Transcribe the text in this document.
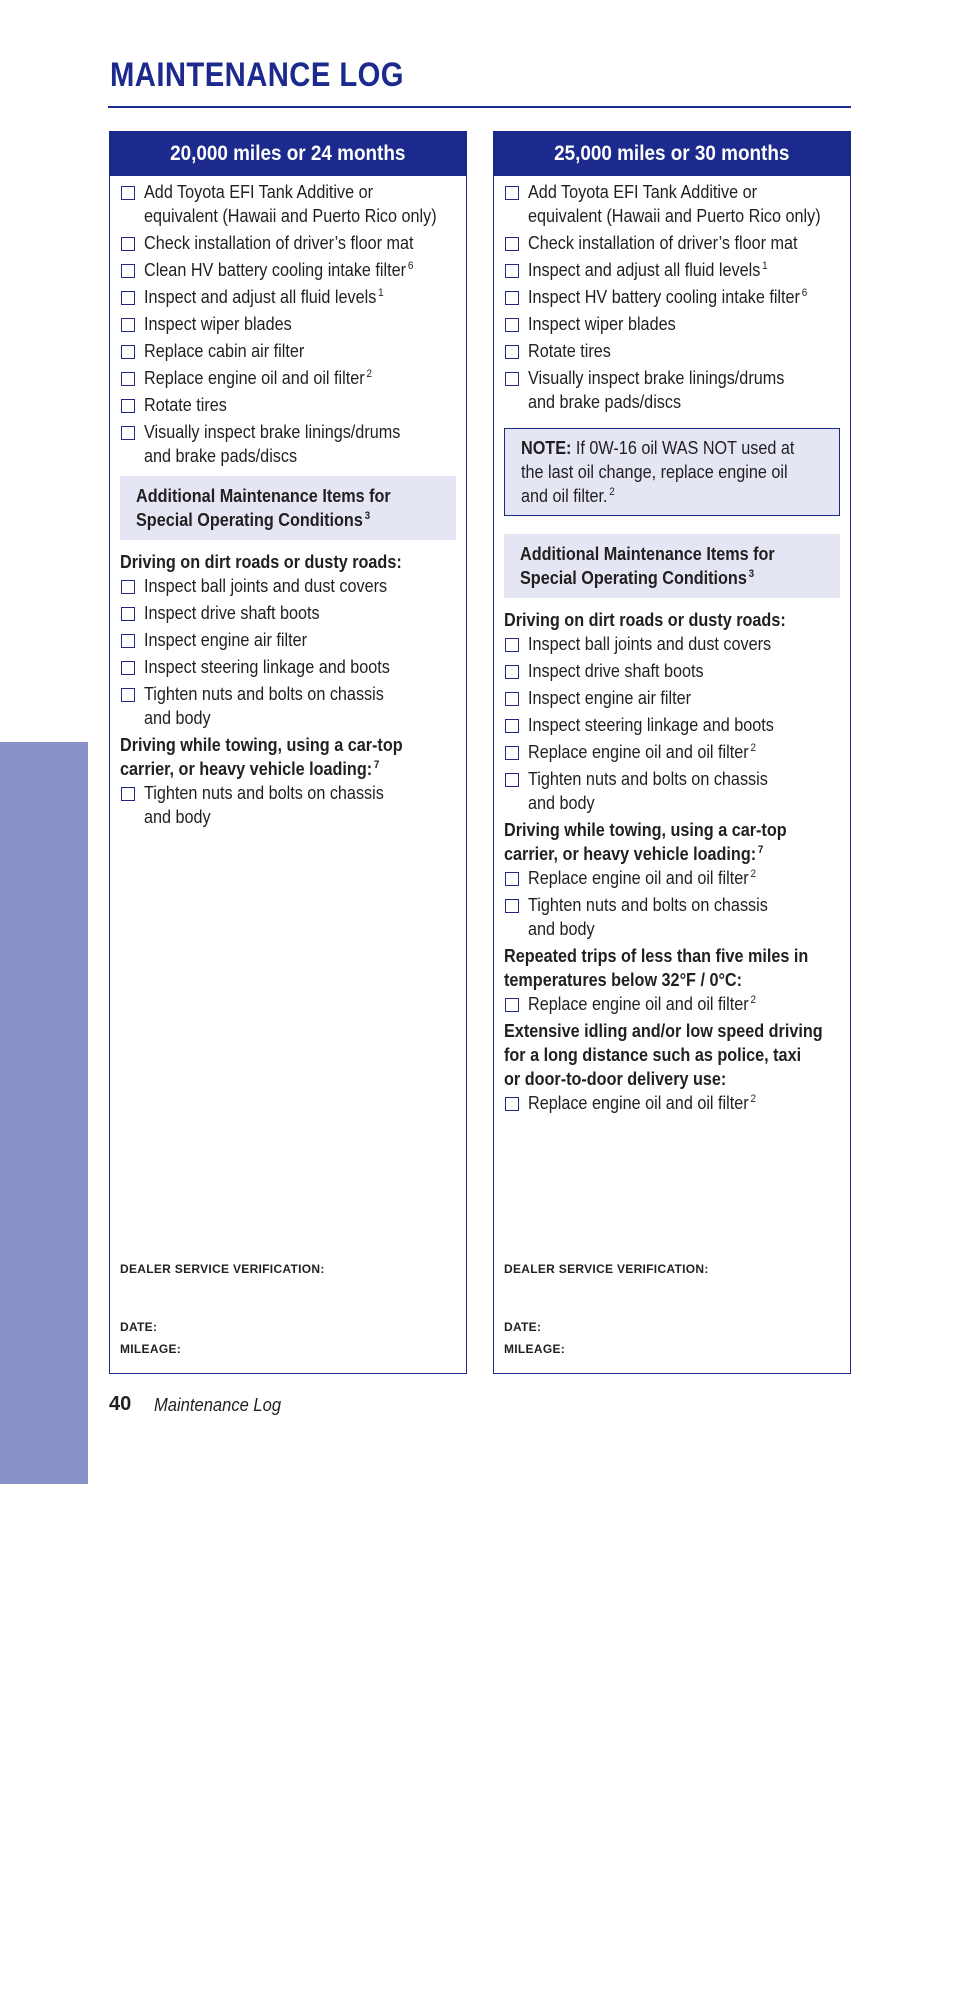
MAINTENANCE LOG
MAINTENANCE
20,000 miles or 24 months
Add Toyota EFI Tank Additive or
equivalent (Hawaii and Puerto Rico only)
Check installation of driver’s floor mat
Clean HV battery cooling intake filter $^6$
Inspect and adjust all fluid levels $^1$
Inspect wiper blades
Replace cabin air filter
Replace engine oil and oil filter $^2$
Rotate tires
Visually inspect brake linings/drums
and brake pads/discs
Additional Maintenance Items for
Special Operating Conditions $^3$
Driving on dirt roads or dusty roads:
Inspect ball joints and dust covers
Inspect drive shaft boots
Inspect engine air filter
Inspect steering linkage and boots
Tighten nuts and bolts on chassis
and body
Driving while towing, using a car-top
carrier, or heavy vehicle loading: $^7$
Tighten nuts and bolts on chassis
and body
DEALER SERVICE VERIFICATION:
DATE:
MILEAGE:
25,000 miles or 30 months
Add Toyota EFI Tank Additive or
equivalent (Hawaii and Puerto Rico only)
Check installation of driver’s floor mat
Inspect and adjust all fluid levels $^1$
Inspect HV battery cooling intake filter $^6$
Inspect wiper blades
Rotate tires
Visually inspect brake linings/drums
and brake pads/discs
NOTE: If 0W-16 oil WAS NOT used at
the last oil change, replace engine oil
and oil filter. $^2$
Additional Maintenance Items for
Special Operating Conditions $^3$
Driving on dirt roads or dusty roads:
Inspect ball joints and dust covers
Inspect drive shaft boots
Inspect engine air filter
Inspect steering linkage and boots
Replace engine oil and oil filter $^2$
Tighten nuts and bolts on chassis
and body
Driving while towing, using a car-top
carrier, or heavy vehicle loading: $^7$
Replace engine oil and oil filter $^2$
Tighten nuts and bolts on chassis
and body
Repeated trips of less than five miles in
temperatures below 32°F / 0°C:
Replace engine oil and oil filter $^2$
Extensive idling and/or low speed driving
for a long distance such as police, taxi
or door-to-door delivery use:
Replace engine oil and oil filter $^2$
DEALER SERVICE VERIFICATION:
DATE:
MILEAGE:
40 Maintenance Log
